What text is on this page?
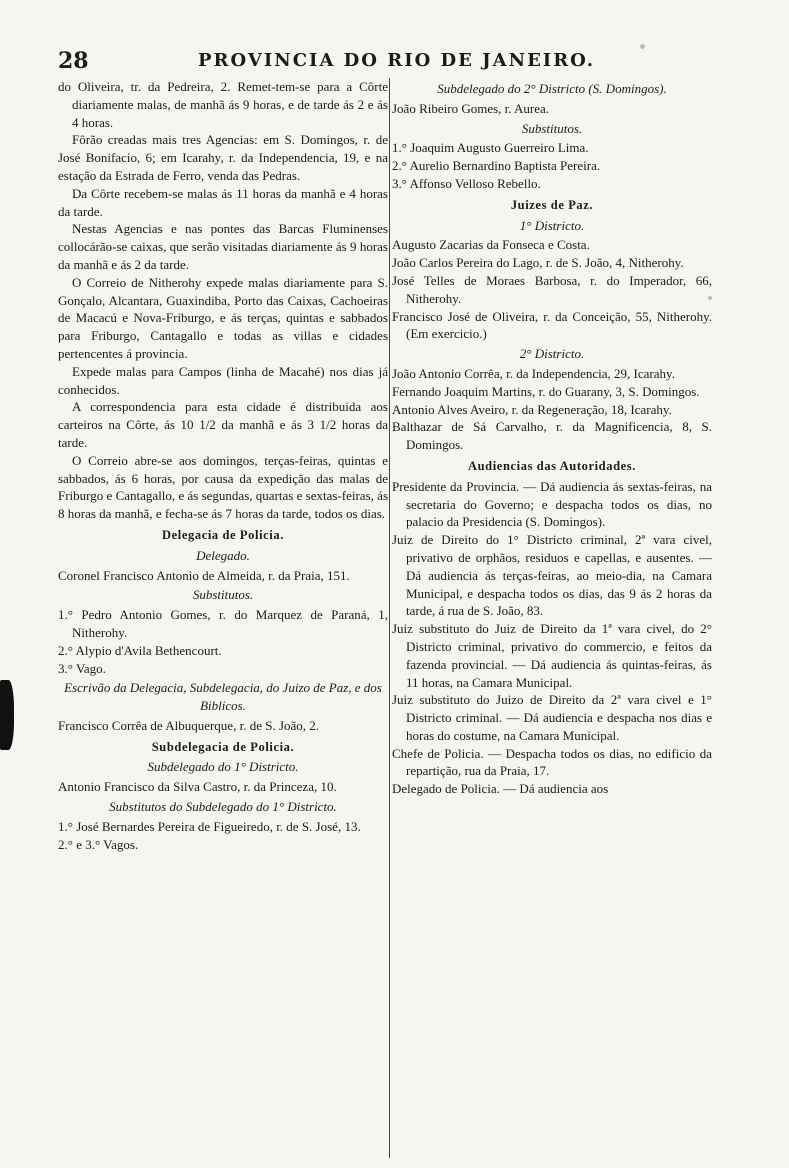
28	PROVINCIA DO RIO DE JANEIRO.

do Oliveira, tr. da Pedreira, 2. Remet-tem-se para a Côrte diariamente malas, de manhã ás 9 horas, e de tarde ás 2 e ás 4 horas.

Fôrão creadas mais tres Agencias: em S. Domingos, r. de José Bonifacio, 6; em Icarahy, r. da Independencia, 19, e na estação da Estrada de Ferro, venda das Pedras.

Da Côrte recebem-se malas ás 11 horas da manhã e 4 horas da tarde.

Nestas Agencias e nas pontes das Barcas Fluminenses collocárão-se caixas, que serão visitadas diariamente ás 9 horas da manhã e ás 2 da tarde.

O Correio de Nitherohy expede malas diariamente para S. Gonçalo, Alcantara, Guaxindiba, Porto das Caixas, Cachoeiras de Macacú e Nova-Friburgo, e ás terças, quintas e sabbados para Friburgo, Cantagallo e todas as villas e cidades pertencentes á provincia.

Expede malas para Campos (linha de Macahé) nos dias já conhecidos.

A correspondencia para esta cidade é distribuida aos carteiros na Côrte, ás 10 1/2 da manhã e ás 3 1/2 horas da tarde.

O Correio abre-se aos domingos, terças-feiras, quintas e sabbados, ás 6 horas, por causa da expedição das malas de Friburgo e Cantagallo, e ás segundas, quartas e sextas-feiras, ás 8 horas da manhã, e fecha-se ás 7 horas da tarde, todos os dias.

Delegacia de Policia.

Delegado.

Coronel Francisco Antonio de Almeida, r. da Praia, 151.

Substitutos.

1.° Pedro Antonio Gomes, r. do Marquez de Paraná, 1, Nitherohy.

2.° Alypio d'Avila Bethencourt.

3.° Vago.

Escrivão da Delegacia, Subdelegacia, do Juizo de Paz, e dos Biblicos.

Francisco Corrêa de Albuquerque, r. de S. João, 2.

Subdelegacia de Policia.

Subdelegado do 1° Districto.

Antonio Francisco da Silva Castro, r. da Princeza, 10.

Substitutos do Subdelegado do 1° Districto.

1.° José Bernardes Pereira de Figueiredo, r. de S. José, 13.

2.° e 3.° Vagos.

Subdelegado do 2° Districto (S. Domingos).

João Ribeiro Gomes, r. Aurea.

Substitutos.

1.° Joaquim Augusto Guerreiro Lima.

2.° Aurelio Bernardino Baptista Pereira.

3.° Affonso Velloso Rebello.

Juizes de Paz.

1° Districto.

Augusto Zacarias da Fonseca e Costa.

João Carlos Pereira do Lago, r. de S. João, 4, Nitherohy.

José Telles de Moraes Barbosa, r. do Imperador, 66, Nitherohy.

Francisco José de Oliveira, r. da Conceição, 55, Nitherohy. (Em exercicio.)

2° Districto.

João Antonio Corrêa, r. da Independencia, 29, Icarahy.

Fernando Joaquim Martins, r. do Guarany, 3, S. Domingos.

Antonio Alves Aveiro, r. da Regeneração, 18, Icarahy.

Balthazar de Sá Carvalho, r. da Magnificencia, 8, S. Domingos.

Audiencias das Autoridades.

Presidente da Provincia. — Dá audiencia ás sextas-feiras, na secretaria do Governo; e despacha todos os dias, no palacio da Presidencia (S. Domingos).

Juiz de Direito do 1° Districto criminal, 2ª vara civel, privativo de orphãos, residuos e capellas, e ausentes. — Dá audiencia ás terças-feiras, ao meio-dia, na Camara Municipal, e despacha todos os dias, das 9 ás 2 horas da tarde, á rua de S. João, 83.

Juiz substituto do Juiz de Direito da 1ª vara civel, do 2° Districto criminal, privativo do commercio, e feitos da fazenda provincial. — Dá audiencia ás quintas-feiras, ás 11 horas, na Camara Municipal.

Juiz substituto do Juizo de Direito da 2ª vara civel e 1° Districto criminal. — Dá audiencia e despacha nos dias e horas do costume, na Camara Municipal.

Chefe de Policia. — Despacha todos os dias, no edificio da repartição, rua da Praia, 17.

Delegado de Policia. — Dá audiencia aos
